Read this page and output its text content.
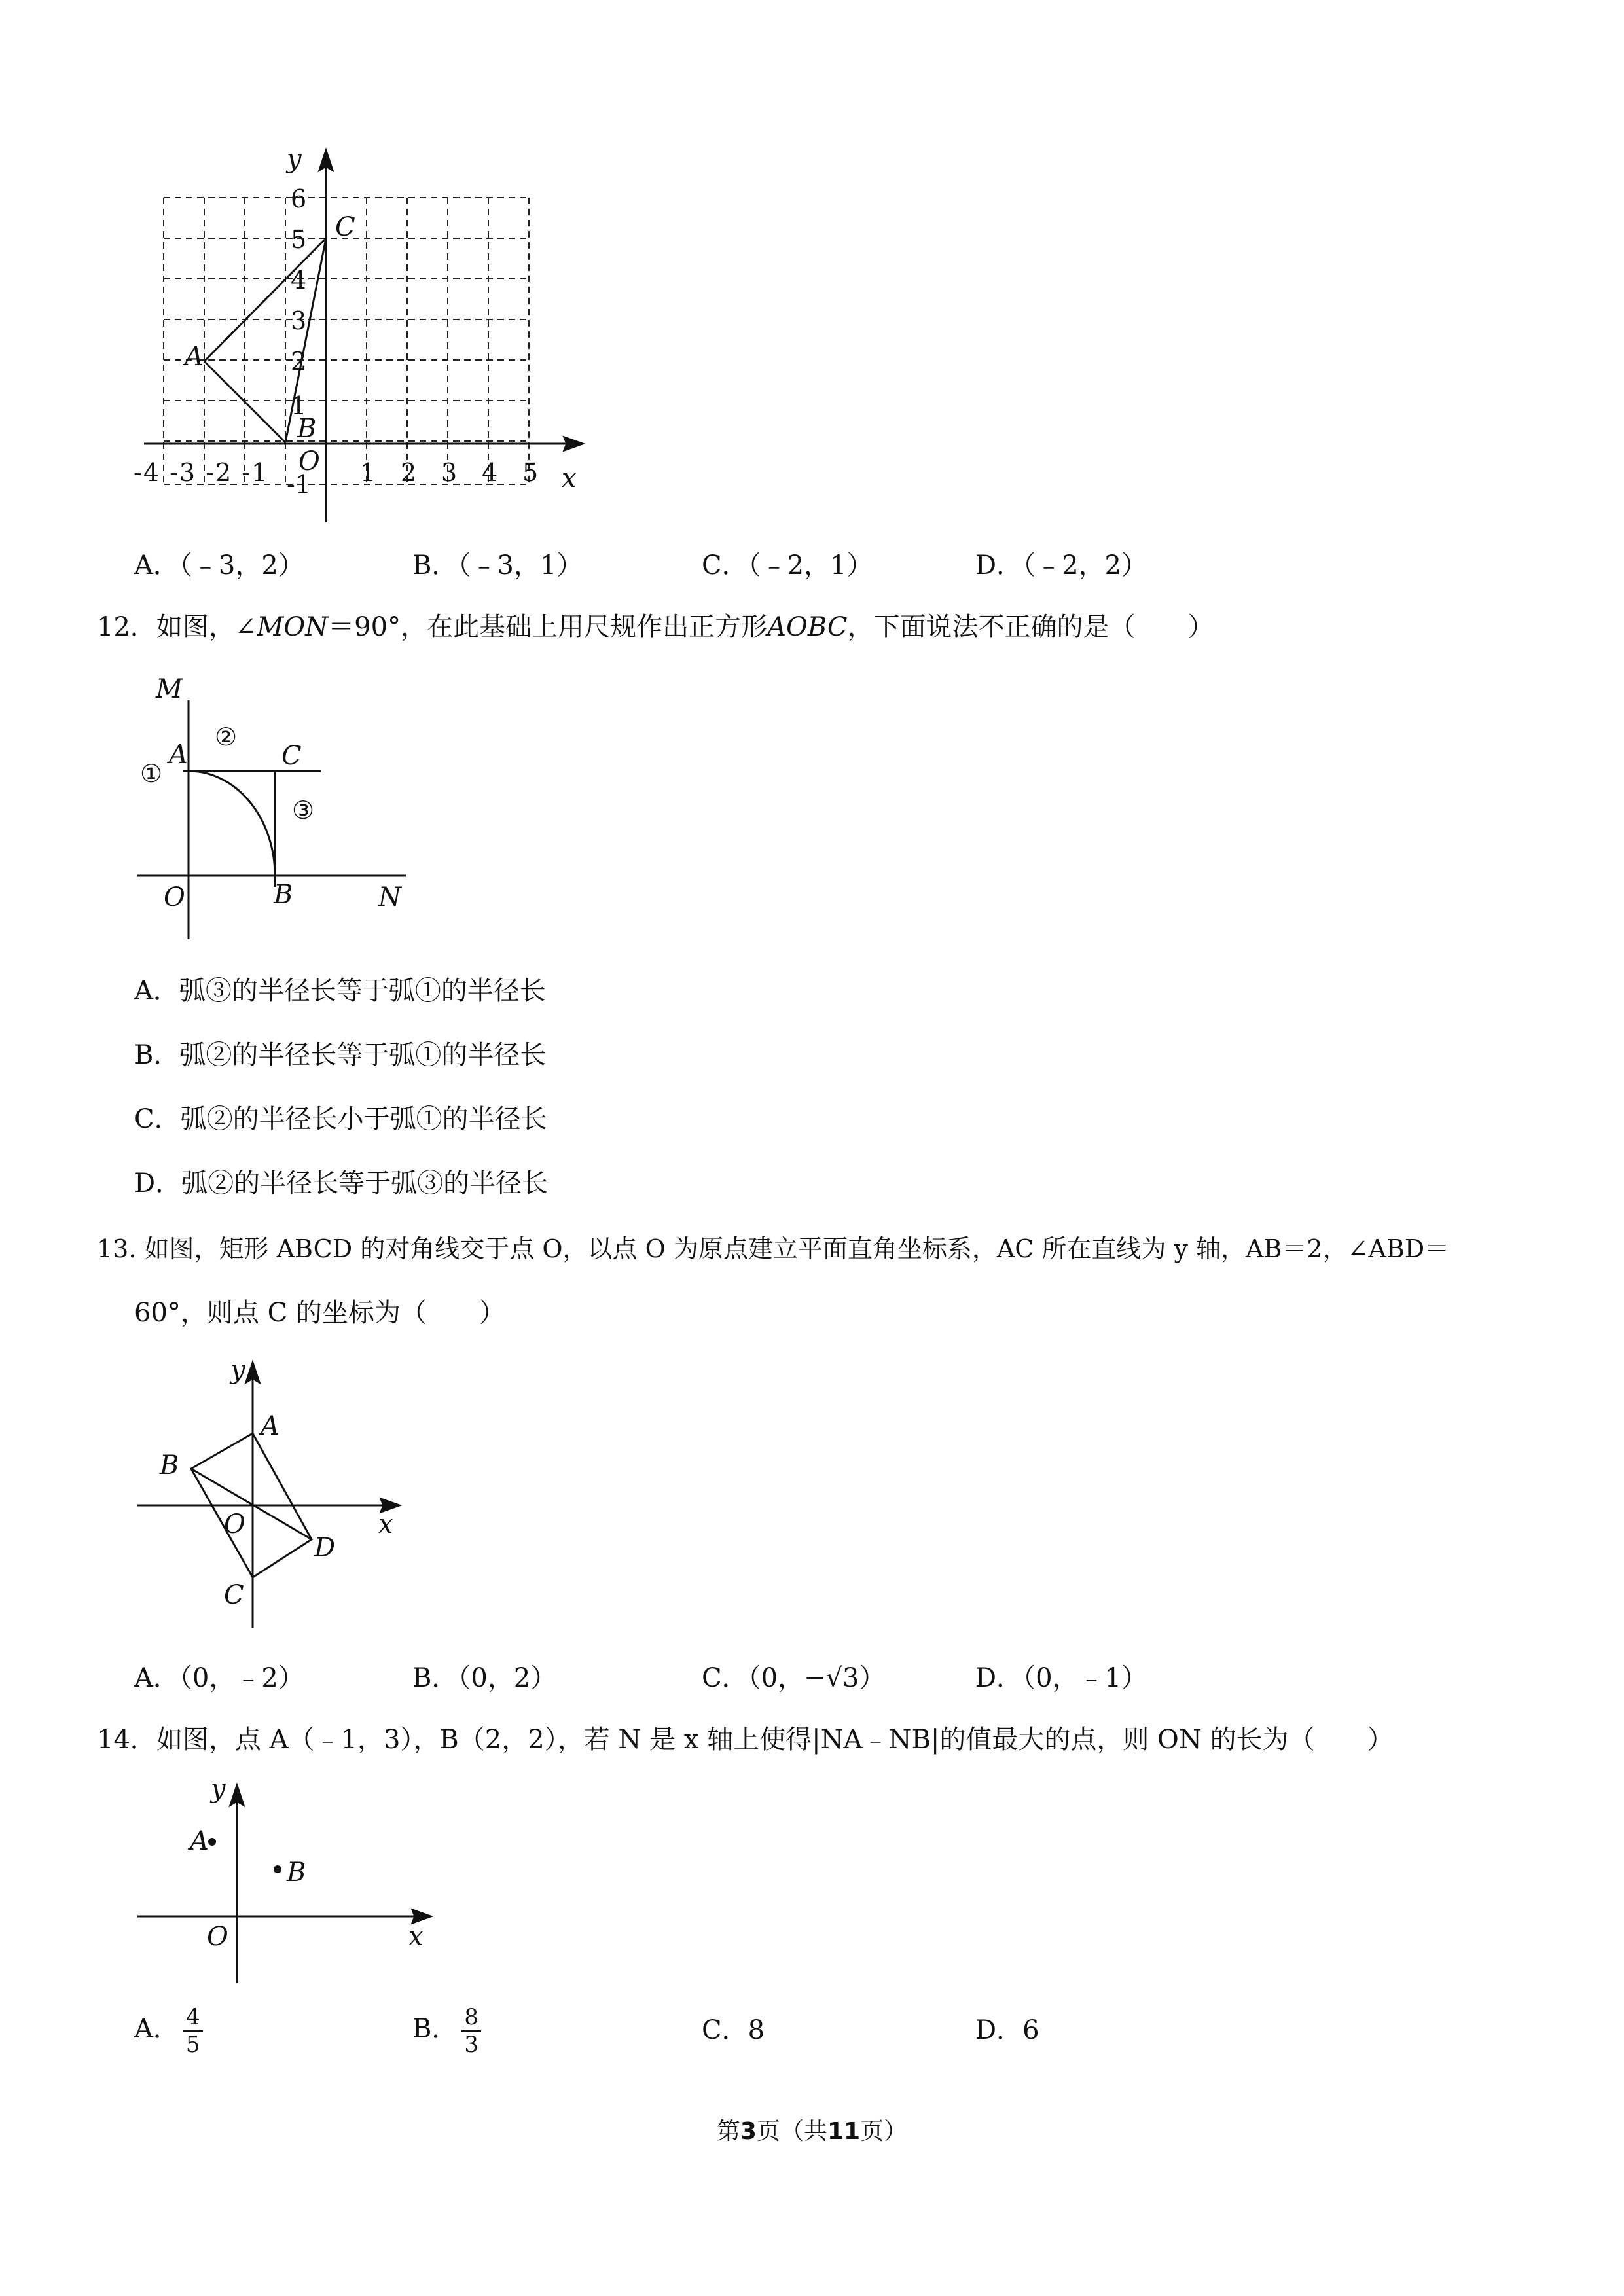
y
x
6
5
4
3
2
1
-1
-4 -3 -2 -1	1 2 3 4 5
A
B
C
O
A．（﹣3，2）	B．（﹣3，1）	C．（﹣2，1）	D．（﹣2，2）
12．如图，∠MON＝90°，在此基础上用尺规作出正方形AOBC，下面说法不正确的是（　　）
M
A	C
O	B	N
①
②
③
A．弧③的半径长等于弧①的半径长
B．弧②的半径长等于弧①的半径长
C．弧②的半径长小于弧①的半径长
D．弧②的半径长等于弧③的半径长
13. 如图，矩形 ABCD 的对角线交于点 O，以点 O 为原点建立平面直角坐标系，AC 所在直线为 y 轴，AB＝2，∠ABD＝
60°，则点 C 的坐标为（　　）
y
x
A
B
C
D
O
A．（0，﹣2）	B．（0，2）	C．（0，−√3）	D．（0，﹣1）
14．如图，点 A（﹣1，3），B（2，2），若 N 是 x 轴上使得|NA﹣NB|的值最大的点，则 ON 的长为（　　）
y
x
A
B
O
A． $\frac{4}{5}$	B． $\frac{8}{3}$	C．8	D．6
第3页（共11页）
